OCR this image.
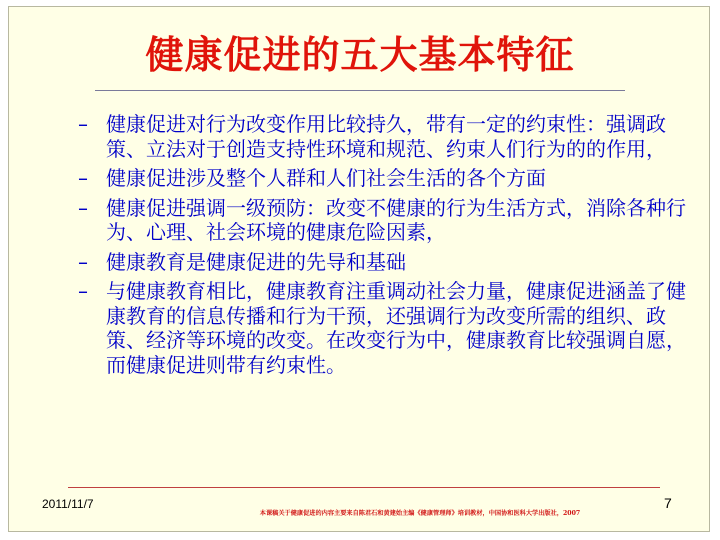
健康促进的五大基本特征
– 健康促进对行为改变作用比较持久，带有一定的约束性：强调政策、立法对于创造支持性环境和规范、约束人们行为的的作用，
– 健康促进涉及整个人群和人们社会生活的各个方面
– 健康促进强调一级预防：改变不健康的行为生活方式，消除各种行为、心理、社会环境的健康危险因素，
– 健康教育是健康促进的先导和基础
– 与健康教育相比，健康教育注重调动社会力量，健康促进涵盖了健康教育的信息传播和行为干预，还强调行为改变所需的组织、政策、经济等环境的改变。在改变行为中，健康教育比较强调自愿，而健康促进则带有约束性。
2011/11/7
本课稿关于健康促进的内容主要来自陈君石和黄建始主编《健康管理师》培训教材，中国协和医科大学出版社，2007
7
